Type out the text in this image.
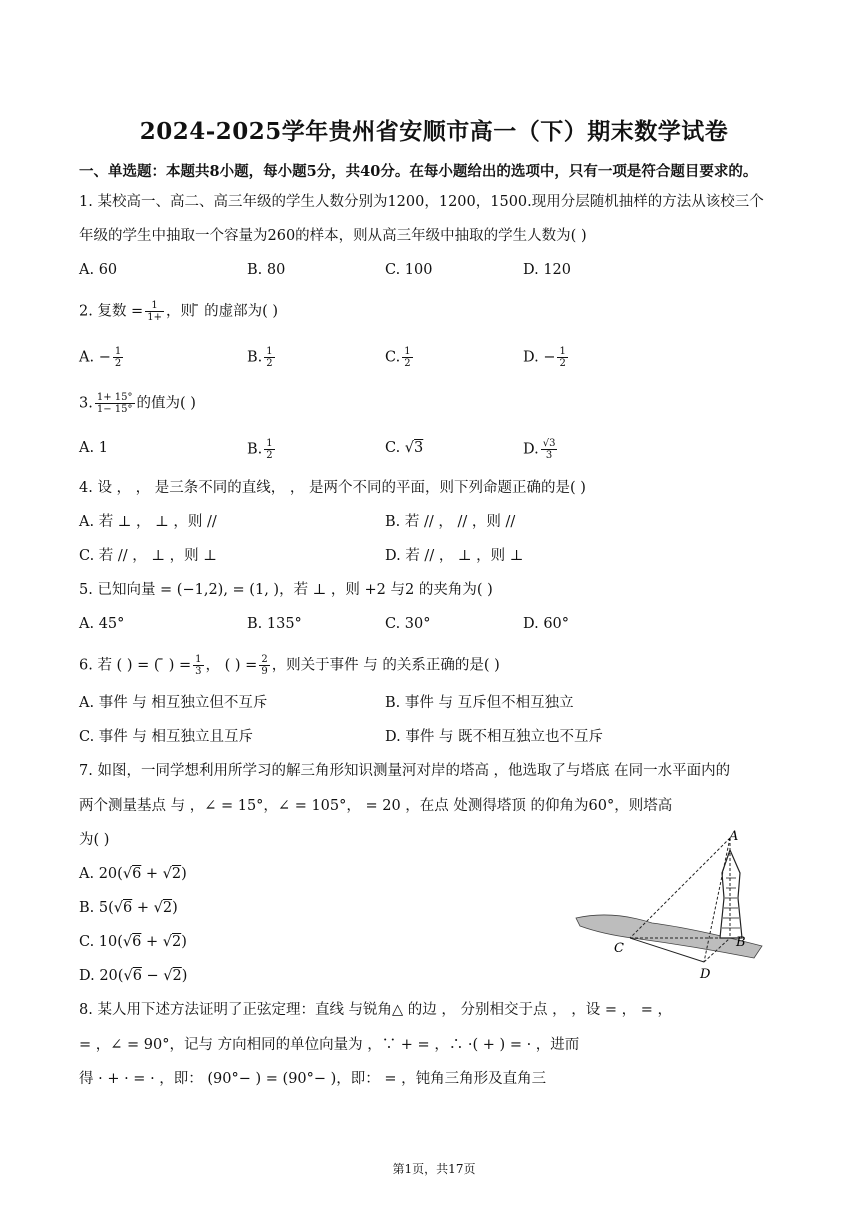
2024-2025学年贵州省安顺市高一（下）期末数学试卷
一、单选题：本题共8小题，每小题5分，共40分。在每小题给出的选项中，只有一项是符合题目要求的。
1. 某校高一、高二、高三年级的学生人数分别为1200，1200，1500.现用分层随机抽样的方法从该校三个
年级的学生中抽取一个容量为260的样本，则从高三年级中抽取的学生人数为( )
A. 60	B. 80	C. 100	D. 120
2. 复数 = $\frac{1}{1+}$ ，则 ̄ 的虚部为( )
A. − $\frac{1}{2}$	B. $\frac{1}{2}$	C. $\frac{1}{2}$	D. − $\frac{1}{2}$
3. $\frac{1+ 15^\circ}{1- 15^\circ}$ 的值为( )
A. 1	B. $\frac{1}{2}$	C. √3	D. $\frac{√3}{3}$
4. 设 ， ， 是三条不同的直线， ， 是两个不同的平面，则下列命题正确的是( )
A. 若 ⊥ ， ⊥ ，则 //	B. 若 // ， // ，则 //
C. 若 // ， ⊥ ，则 ⊥	D. 若 // ， ⊥ ，则 ⊥
5. 已知向量 = (−1,2), = (1, )，若 ⊥ ，则 +2 与2 的夹角为( )
A. 45°	B. 135°	C. 30°	D. 60°
6. 若 ( ) = ( ̄ ) = $\frac{1}{3}$ ， ( ) = $\frac{2}{9}$ ，则关于事件 与 的关系正确的是( )
A. 事件 与 相互独立但不互斥	B. 事件 与 互斥但不相互独立
C. 事件 与 相互独立且互斥	D. 事件 与 既不相互独立也不互斥
7. 如图，一同学想利用所学习的解三角形知识测量河对岸的塔高 ，他选取了与塔底 在同一水平面内的
两个测量基点 与 ，∠ = 15°，∠ = 105°， = 20 ，在点 处测得塔顶 的仰角为60°，则塔高
为( )
A. 20(√6 + √2)
B. 5(√6 + √2)
C. 10(√6 + √2)
D. 20(√6 − √2)
A
B
C
D
8. 某人用下述方法证明了正弦定理：直线 与锐角△ 的边 ， 分别相交于点 ， ，设 = ， = ，
= ，∠ = 90°，记与 方向相同的单位向量为 ，∵ + = ，∴ ·( + ) = · ，进而
得 · + · = · ，即： (90°− ) = (90°− )，即： = ，钝角三角形及直角三
第1页，共17页
